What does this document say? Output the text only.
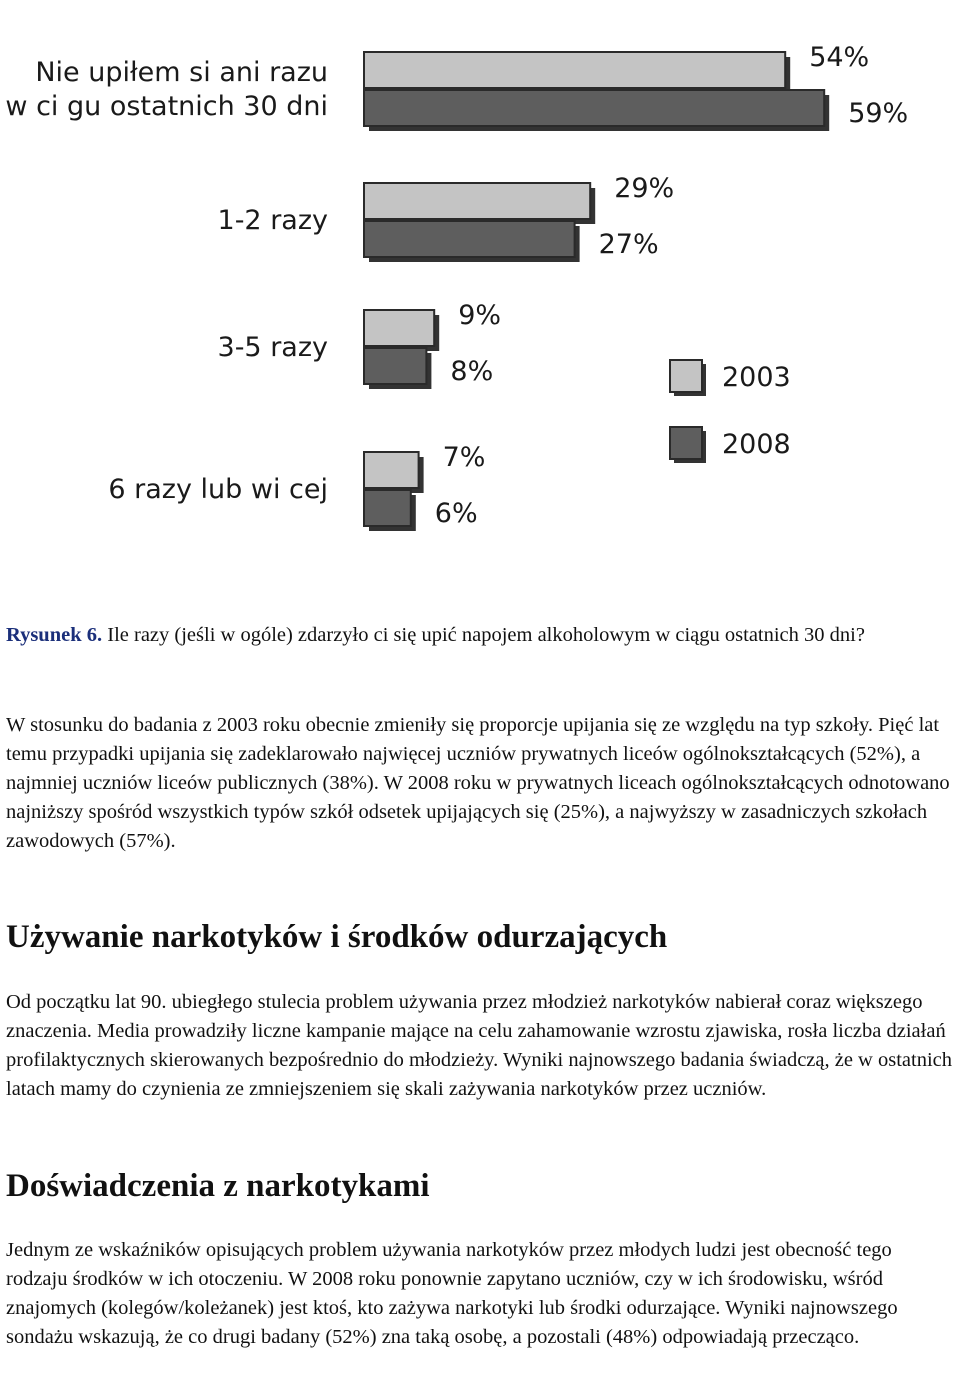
Nie upiłem si ani razu
w ci gu ostatnich 30 dni
54%
59%
1-2 razy
29%
27%
3-5 razy
9%
8%
6 razy lub wi cej
7%
6%
2003
2008

Rysunek 6. Ile razy (jeśli w ogóle) zdarzyło ci się upić napojem alkoholowym w ciągu ostatnich 30 dni?

W stosunku do badania z 2003 roku obecnie zmieniły się proporcje upijania się ze względu na typ szkoły. Pięć lat temu przypadki upijania się zadeklarowało najwięcej uczniów prywatnych liceów ogólnokształcących (52%), a najmniej uczniów liceów publicznych (38%). W 2008 roku w prywatnych liceach ogólnokształcących odnotowano najniższy spośród wszystkich typów szkół odsetek upijających się (25%), a najwyższy w zasadniczych szkołach zawodowych (57%).

Używanie narkotyków i środków odurzających

Od początku lat 90. ubiegłego stulecia problem używania przez młodzież narkotyków nabierał coraz większego znaczenia. Media prowadziły liczne kampanie mające na celu zahamowanie wzrostu zjawiska, rosła liczba działań profilaktycznych skierowanych bezpośrednio do młodzieży. Wyniki najnowszego badania świadczą, że w ostatnich latach mamy do czynienia ze zmniejszeniem się skali zażywania narkotyków przez uczniów.

Doświadczenia z narkotykami

Jednym ze wskaźników opisujących problem używania narkotyków przez młodych ludzi jest obecność tego rodzaju środków w ich otoczeniu. W 2008 roku ponownie zapytano uczniów, czy w ich środowisku, wśród znajomych (kolegów/koleżanek) jest ktoś, kto zażywa narkotyki lub środki odurzające. Wyniki najnowszego sondażu wskazują, że co drugi badany (52%) zna taką osobę, a pozostali (48%) odpowiadają przecząco.
